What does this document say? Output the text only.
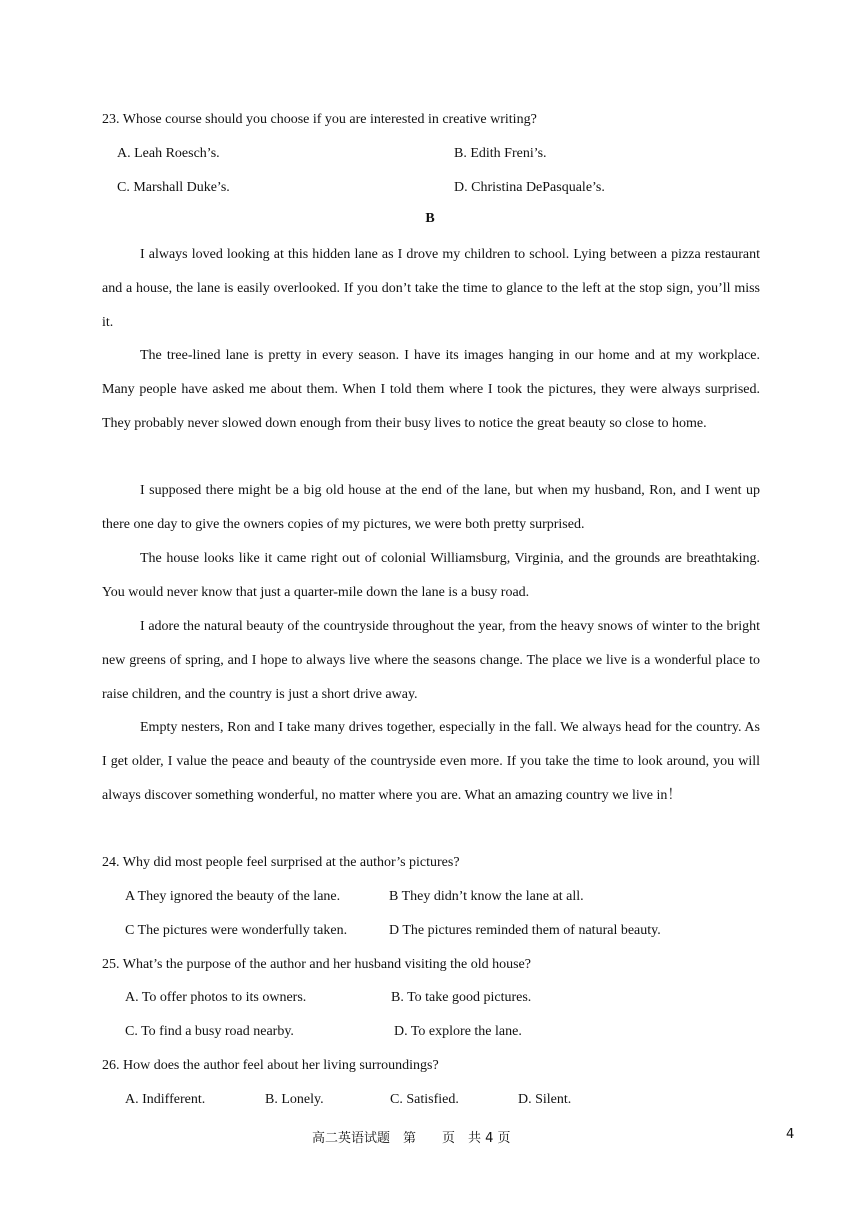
23. Whose course should you choose if you are interested in creative writing?
A. Leah Roesch’s.	B. Edith Freni’s.
C. Marshall Duke’s.	D. Christina DePasquale’s.
B

I always loved looking at this hidden lane as I drove my children to school. Lying between a pizza restaurant and a house, the lane is easily overlooked. If you don’t take the time to glance to the left at the stop sign, you’ll miss it.

The tree-lined lane is pretty in every season. I have its images hanging in our home and at my workplace. Many people have asked me about them. When I told them where I took the pictures, they were always surprised. They probably never slowed down enough from their busy lives to notice the great beauty so close to home.

I supposed there might be a big old house at the end of the lane, but when my husband, Ron, and I went up there one day to give the owners copies of my pictures, we were both pretty surprised.

The house looks like it came right out of colonial Williamsburg, Virginia, and the grounds are breathtaking. You would never know that just a quarter-mile down the lane is a busy road.

I adore the natural beauty of the countryside throughout the year, from the heavy snows of winter to the bright new greens of spring, and I hope to always live where the seasons change. The place we live is a wonderful place to raise children, and the country is just a short drive away.

Empty nesters, Ron and I take many drives together, especially in the fall. We always head for the country. As I get older, I value the peace and beauty of the countryside even more. If you take the time to look around, you will always discover something wonderful, no matter where you are. What an amazing country we live in！

24. Why did most people feel surprised at the author’s pictures?
A They ignored the beauty of the lane.	B They didn’t know the lane at all.
C The pictures were wonderfully taken.	D The pictures reminded them of natural beauty.
25. What’s the purpose of the author and her husband visiting the old house?
A. To offer photos to its owners.	B. To take good pictures.
C. To find a busy road nearby.	D. To explore the lane.
26. How does the author feel about her living surroundings?
A. Indifferent.	B. Lonely.	C. Satisfied.	D. Silent.
高二英语试题　第　　页　共 4 页	4
